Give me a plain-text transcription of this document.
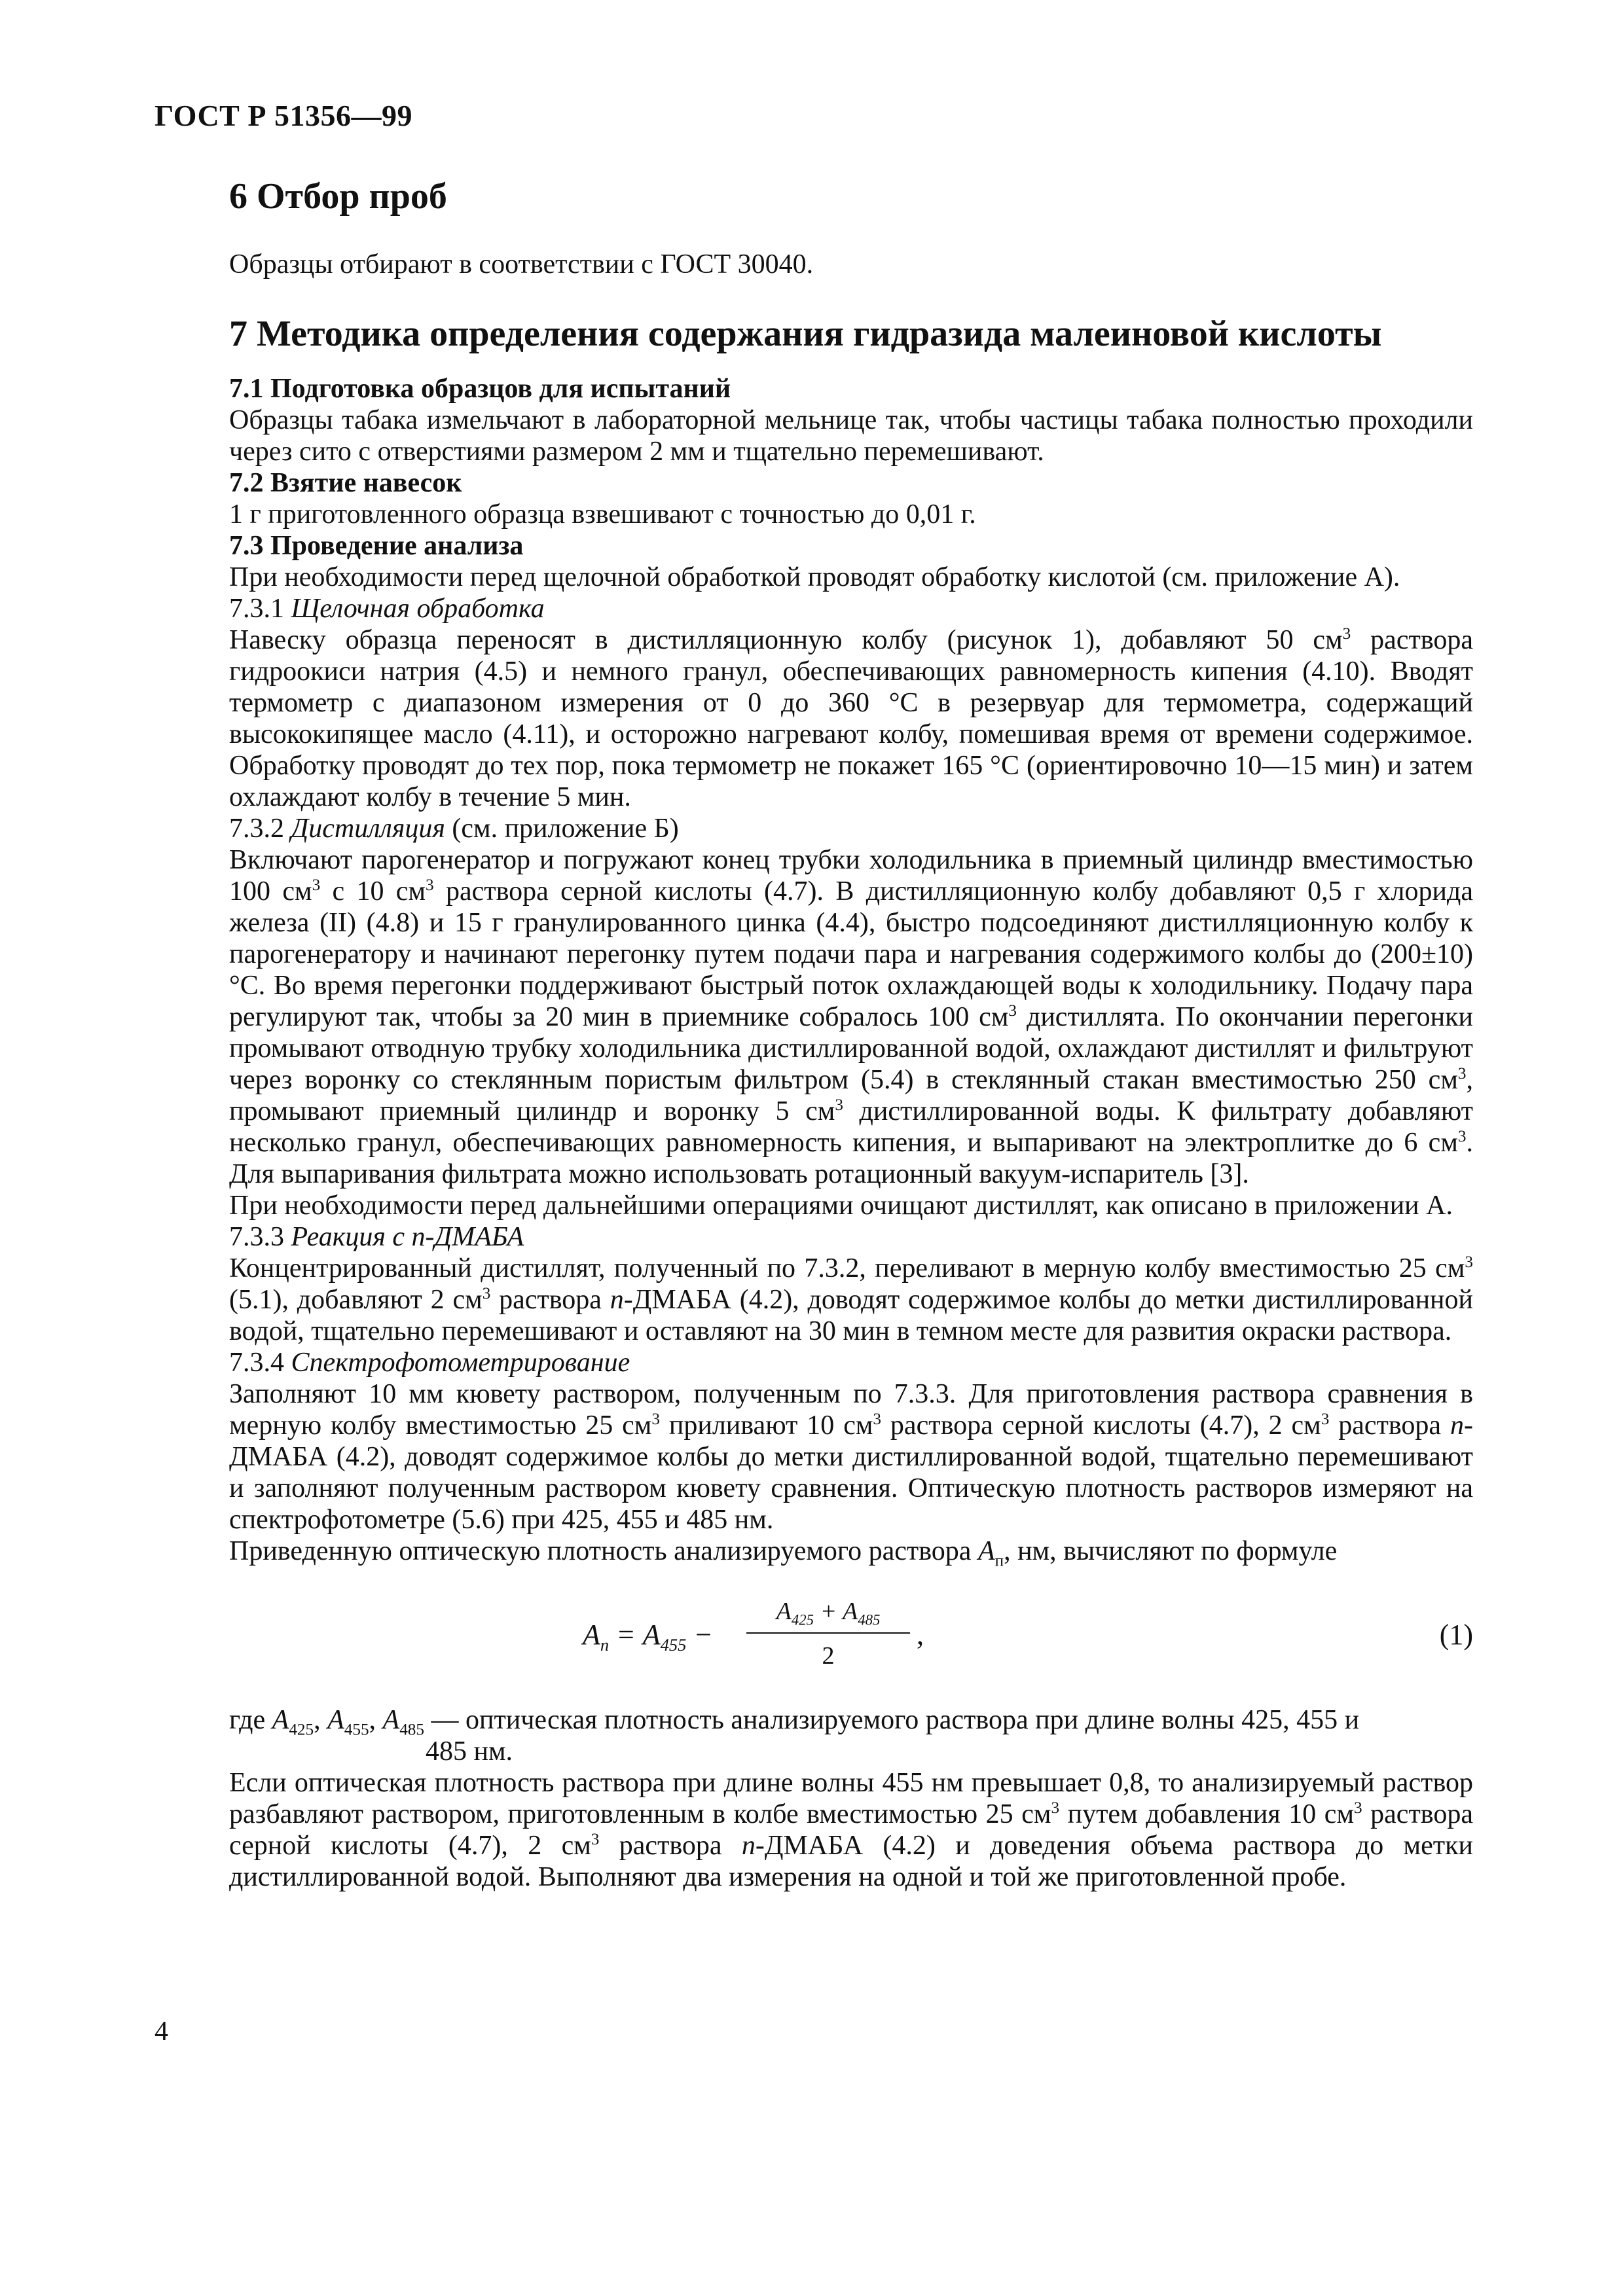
ГОСТ Р 51356—99
6 Отбор проб

Образцы отбирают в соответствии с ГОСТ 30040.

7 Методика определения содержания гидразида малеиновой кислоты
7.1 Подготовка образцов для испытаний

Образцы табака измельчают в лабораторной мельнице так, чтобы частицы табака полностью проходили через сито с отверстиями размером 2 мм и тщательно перемешивают.

7.2 Взятие навесок

1 г приготовленного образца взвешивают с точностью до 0,01 г.

7.3 Проведение анализа

При необходимости перед щелочной обработкой проводят обработку кислотой (см. приложение А).

7.3.1 Щелочная обработка

Навеску образца переносят в дистилляционную колбу (рисунок 1), добавляют 50 $см^3$ раствора гидроокиси натрия (4.5) и немного гранул, обеспечивающих равномерность кипения (4.10). Вводят термометр с диапазоном измерения от 0 до 360 °С в резервуар для термометра, содержащий высококипящее масло (4.11), и осторожно нагревают колбу, помешивая время от времени содержимое. Обработку проводят до тех пор, пока термометр не покажет 165 °С (ориентировочно 10—15 мин) и затем охлаждают колбу в течение 5 мин.

7.3.2 Дистилляция (см. приложение Б)

Включают парогенератор и погружают конец трубки холодильника в приемный цилиндр вместимостью 100 $см^3$ с 10 $см^3$ раствора серной кислоты (4.7). В дистилляционную колбу добавляют 0,5 г хлорида железа (II) (4.8) и 15 г гранулированного цинка (4.4), быстро подсоединяют дистилляционную колбу к парогенератору и начинают перегонку путем подачи пара и нагревания содержимого колбы до (200±10) °С. Во время перегонки поддерживают быстрый поток охлаждающей воды к холодильнику. Подачу пара регулируют так, чтобы за 20 мин в приемнике собралось 100 $см^3$ дистиллята. По окончании перегонки промывают отводную трубку холодильника дистиллированной водой, охлаждают дистиллят и фильтруют через воронку со стеклянным пористым фильтром (5.4) в стеклянный стакан вместимостью 250 $см^3$, промывают приемный цилиндр и воронку 5 $см^3$ дистиллированной воды. К фильтрату добавляют несколько гранул, обеспечивающих равномерность кипения, и выпаривают на электроплитке до 6 $см^3$. Для выпаривания фильтрата можно использовать ротационный вакуум-испаритель [3].

При необходимости перед дальнейшими операциями очищают дистиллят, как описано в приложении А.

7.3.3 Реакция с n-ДМАБА

Концентрированный дистиллят, полученный по 7.3.2, переливают в мерную колбу вместимостью 25 $см^3$ (5.1), добавляют 2 $см^3$ раствора n-ДМАБА (4.2), доводят содержимое колбы до метки дистиллированной водой, тщательно перемешивают и оставляют на 30 мин в темном месте для развития окраски раствора.

7.3.4 Спектрофотометрирование

Заполняют 10 мм кювету раствором, полученным по 7.3.3. Для приготовления раствора сравнения в мерную колбу вместимостью 25 $см^3$ приливают 10 $см^3$ раствора серной кислоты (4.7), 2 $см^3$ раствора n-ДМАБА (4.2), доводят содержимое колбы до метки дистиллированной водой, тщательно перемешивают и заполняют полученным раствором кювету сравнения. Оптическую плотность растворов измеряют на спектрофотометре (5.6) при 425, 455 и 485 нм.

Приведенную оптическую плотность анализируемого раствора $A_п$, нм, вычисляют по формуле

$A_п = A_{455}$ −
$A_{425} + A_{485}$
2
,	(1)

где $A_{425}$, $A_{455}$, $A_{485}$ — оптическая плотность анализируемого раствора при длине волны 425, 455 и

485 нм.

Если оптическая плотность раствора при длине волны 455 нм превышает 0,8, то анализируемый раствор разбавляют раствором, приготовленным в колбе вместимостью 25 $см^3$ путем добавления 10 $см^3$ раствора серной кислоты (4.7), 2 $см^3$ раствора n-ДМАБА (4.2) и доведения объема раствора до метки дистиллированной водой. Выполняют два измерения на одной и той же приготовленной пробе.

4
